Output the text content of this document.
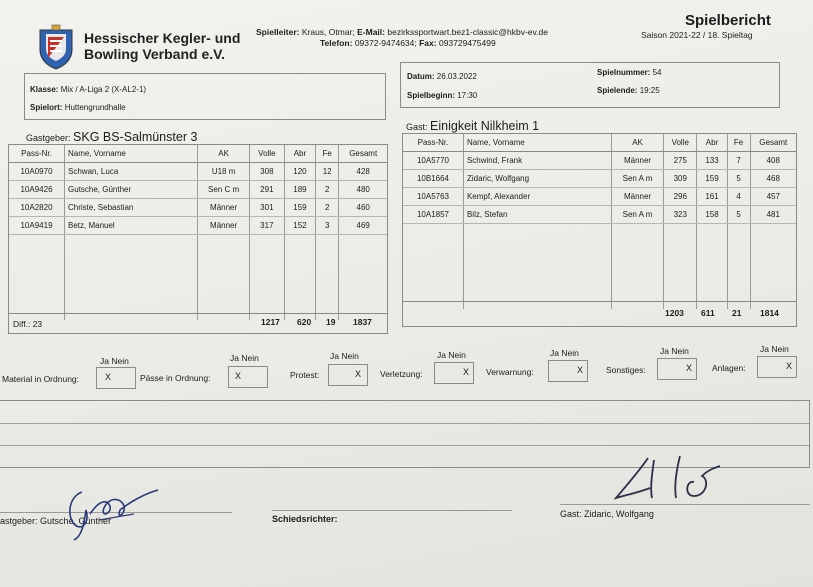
Hessischer Kegler- und
Bowling Verband e.V.
Spielleiter: Kraus, Otmar; E-Mail: bezirkssportwart.bez1-classic@hkbv-ev.de
Telefon: 09372-9474634; Fax: 093729475499
Spielbericht
Saison 2021-22 / 18. Spieltag
Klasse: Mix / A-Liga 2 (X-AL2-1)
Spielort: Huttengrundhalle
Datum: 26.03.2022
Spielbeginn: 17:30
Spielnummer: 54
Spielende: 19:25
Gastgeber: SKG BS-Salmünster 3
Pass-Nr.	Name, Vorname	AK	Volle	Abr	Fe	Gesamt
10A0970	Schwan, Luca	U18 m	308	120	12	428
10A9426	Gutsche, Günther	Sen C m	291	189	2	480
10A2820	Christe, Sebastian	Männer	301	159	2	460
10A9419	Betz, Manuel	Männer	317	152	3	469

Diff.: 23	1217 620 19 1837
Gast: Einigkeit Nilkheim 1
Pass-Nr.	Name, Vorname	AK	Volle	Abr	Fe	Gesamt
10A5770	Schwind, Frank	Männer	275	133	7	408
10B1664	Zidaric, Wolfgang	Sen A m	309	159	5	468
10A5763	Kempf, Alexander	Männer	296	161	4	457
10A1857	Bilz, Stefan	Sen A m	323	158	5	481

1203 611 21 1814
Ja Nein
Material in Ordnung:	X
Ja Nein
Pässe in Ordnung:	X
Ja Nein
Protest:	X
Ja Nein
Verletzung:	X
Ja Nein
Verwarnung:	X
Ja Nein
Sonstiges:	X
Ja Nein
Anlagen:	X
astgeber: Gutsche, Günther	Schiedsrichter:	Gast: Zidaric, Wolfgang
